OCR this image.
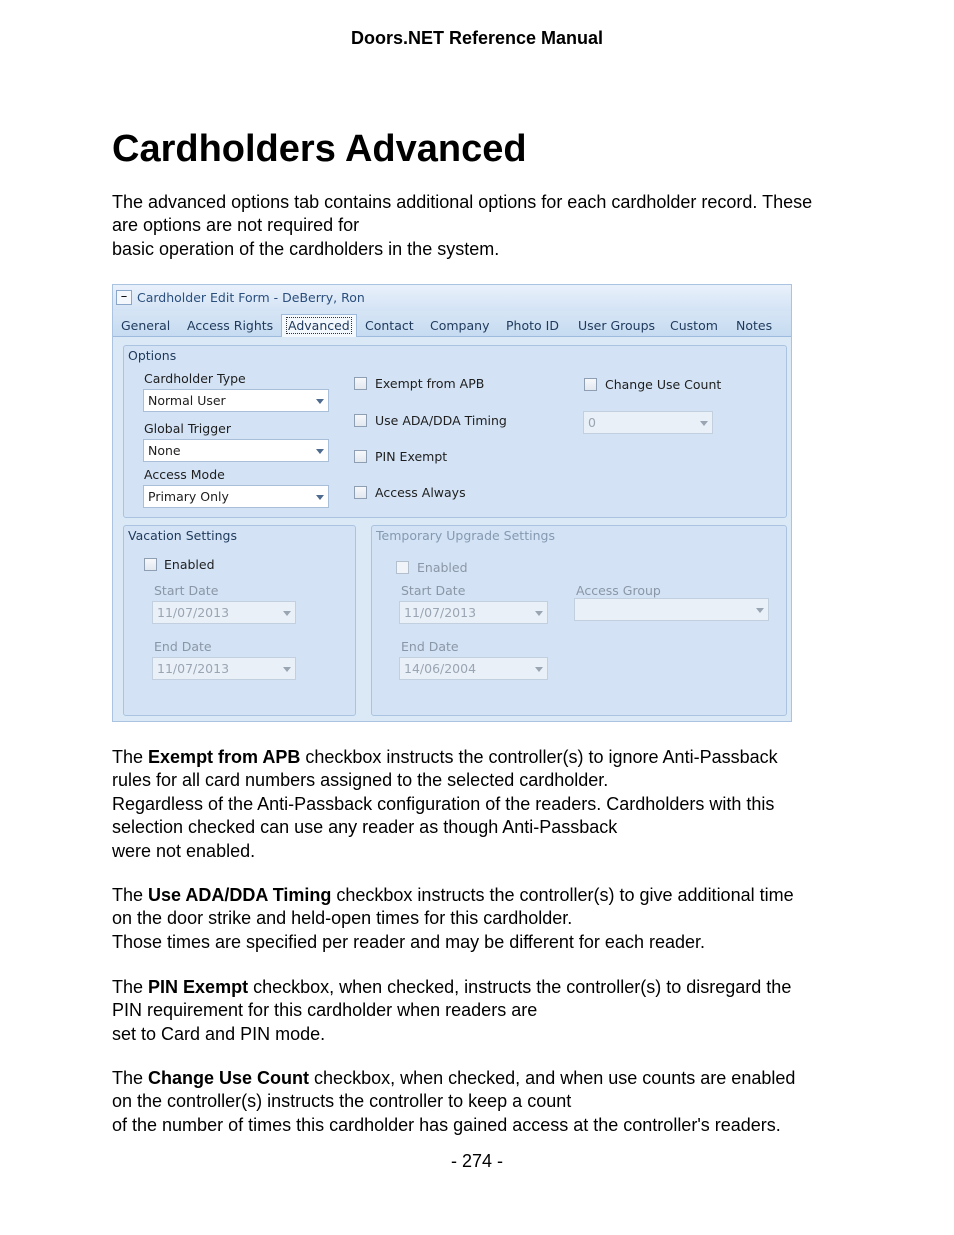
Doors.NET Reference Manual
Cardholders Advanced

The advanced options tab contains additional options for each cardholder record. These
are options are not required for
basic operation of the cardholders in the system.

– Cardholder Edit Form - DeBerry, Ron
General Access Rights	Advanced	Contact Company Photo ID User Groups Custom Notes
Options
Cardholder Type
Normal User
Global Trigger
None
Access Mode
Primary Only
Exempt from APB
Use ADA/DDA Timing
PIN Exempt
Access Always
Change Use Count
0
Vacation Settings
Enabled
Start Date
11/07/2013
End Date
11/07/2013
Temporary Upgrade Settings
Enabled
Start Date
11/07/2013
End Date
14/06/2004
Access Group

The Exempt from APB checkbox instructs the controller(s) to ignore Anti-Passback
rules for all card numbers assigned to the selected cardholder.
Regardless of the Anti-Passback configuration of the readers. Cardholders with this
selection checked can use any reader as though Anti-Passback
were not enabled.

The Use ADA/DDA Timing checkbox instructs the controller(s) to give additional time
on the door strike and held-open times for this cardholder.
Those times are specified per reader and may be different for each reader.

The PIN Exempt checkbox, when checked, instructs the controller(s) to disregard the
PIN requirement for this cardholder when readers are
set to Card and PIN mode.

The Change Use Count checkbox, when checked, and when use counts are enabled
on the controller(s) instructs the controller to keep a count
of the number of times this cardholder has gained access at the controller's readers.

- 274 -
